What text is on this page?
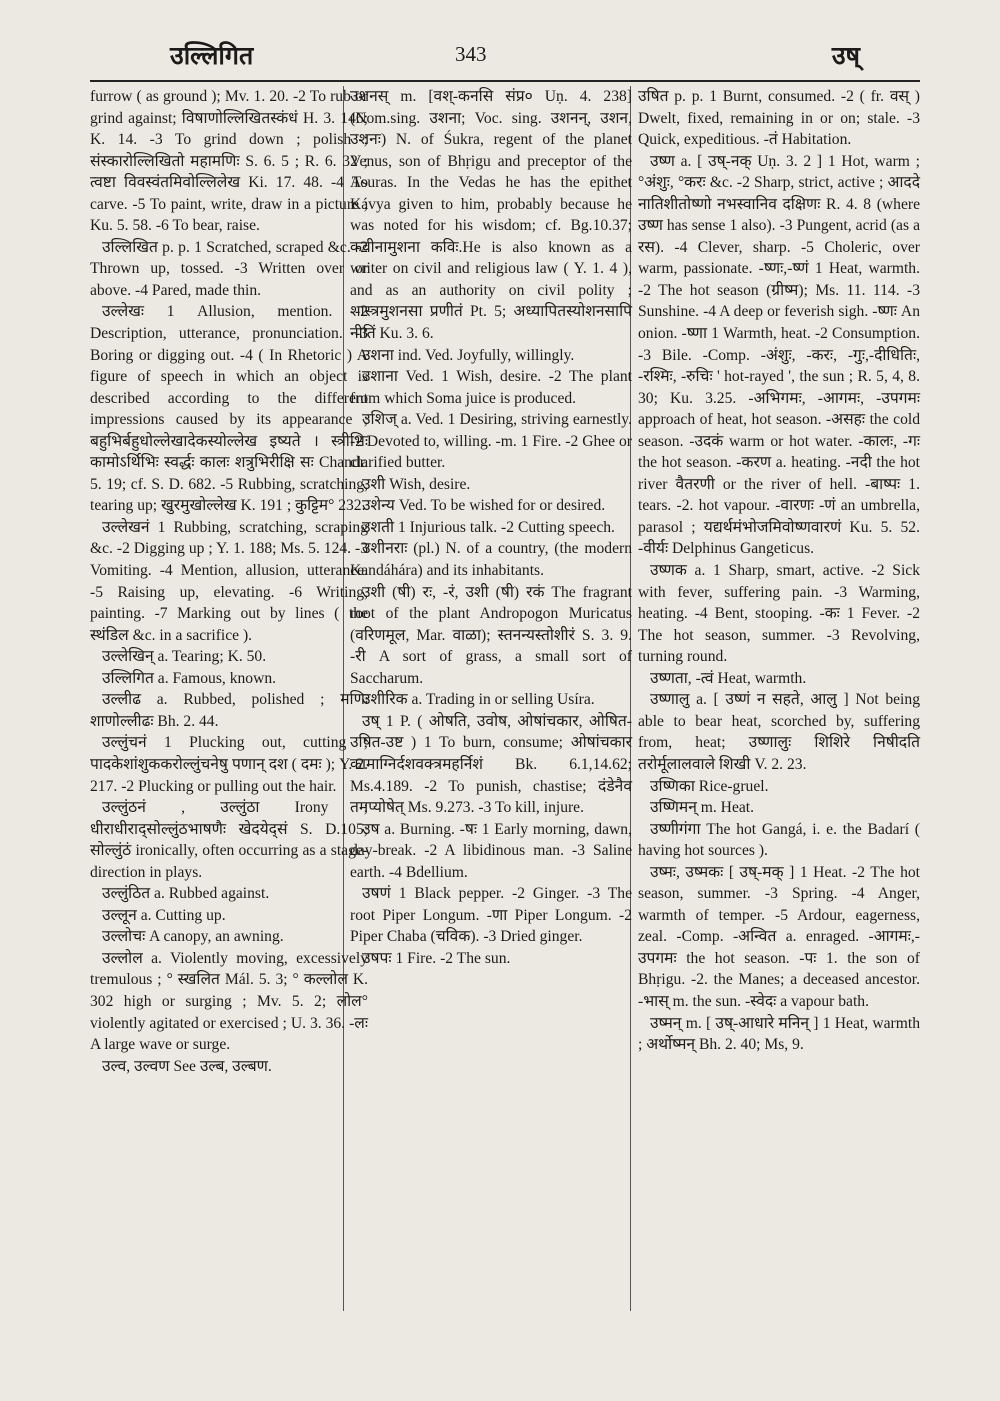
उल्लिगित	343	उष्

furrow ( as ground ); Mv. 1. 20. -2 To rub or grind against; विषाणोल्लिखितस्कंधं H. 3. 146; K. 14. -3 To grind down ; polish ; संस्कारोल्लिखितो महामणिः S. 6. 5 ; R. 6. 32 ; त्वष्टा विवस्वंतमिवोल्लिलेख Ki. 17. 48. -4 To carve. -5 To paint, write, draw in a picture ; Ku. 5. 58. -6 To bear, raise.

उल्लिखित p. p. 1 Scratched, scraped &c. -2 Thrown up, tossed. -3 Written over or above. -4 Pared, made thin.

उल्लेखः 1 Allusion, mention. -2 Description, utterance, pronunciation. -3 Boring or digging out. -4 ( In Rhetoric ) A figure of speech in which an object is described according to the different impressions caused by its appearance ; बहुभिर्बहुधोल्लेखादेकस्योल्लेख इष्यते । स्त्रीभिः कामोऽर्थिभिः स्वर्द्धः कालः शत्रुभिरीक्षि सः Chandr. 5. 19; cf. S. D. 682. -5 Rubbing, scratching, tearing up; खुरमुखोल्लेख K. 191 ; कुट्टिम° 232.

उल्लेखनं 1 Rubbing, scratching, scraping &c. -2 Digging up ; Y. 1. 188; Ms. 5. 124. -3 Vomiting. -4 Mention, allusion, utterance. -5 Raising up, elevating. -6 Writing, painting. -7 Marking out by lines ( the स्थंडिल &c. in a sacrifice ).

उल्लेखिन् a. Tearing; K. 50.

उल्लिगित a. Famous, known.

उल्लीढ a. Rubbed, polished ; मणिः शाणोल्लीढः Bh. 2. 44.

उल्लुंचनं 1 Plucking out, cutting ; पादकेशांशुककरोल्लुंचनेषु पणान् दश ( दमः ); Y. 2. 217. -2 Plucking or pulling out the hair.

उल्लुंठनं , उल्लुंठा Irony ; धीराधीराद्सोल्लुंठभाषणैः खेदयेद्सं S. D.105; सोल्लुंठं ironically, often occurring as a stage-direction in plays.

उल्लुंठित a. Rubbed against.

उल्लून a. Cutting up.

उल्लोचः A canopy, an awning.

उल्लोल a. Violently moving, excessively tremulous ; ° स्खलित Mál. 5. 3; ° कल्लोल K. 302 high or surging ; Mv. 5. 2; लोल° violently agitated or exercised ; U. 3. 36. -लः A large wave or surge.

उल्व, उल्वण See उल्ब, उल्बण.

उशनस् m. [वश्-कनसि संप्र० Uṇ. 4. 238](Nom.sing. उशना; Voc. sing. उशनन्, उशन, उशनः) N. of Śukra, regent of the planet Venus, son of Bhṛigu and preceptor of the Asuras. In the Vedas he has the epithet Kávya given to him, probably because he was noted for his wisdom; cf. Bg.10.37; कवीनामुशना कविः.He is also known as a writer on civil and religious law ( Y. 1. 4 ), and as an authority on civil polity ; शास्त्रमुशनसा प्रणीतं Pt. 5; अध्यापितस्योशनसापि नीतिं Ku. 3. 6.

उशना ind. Ved. Joyfully, willingly.

उशाना Ved. 1 Wish, desire. -2 The plant from which Soma juice is produced.

उशिज् a. Ved. 1 Desiring, striving earnestly. -2 Devoted to, willing. -m. 1 Fire. -2 Ghee or clarified butter.

उशी Wish, desire.

उशेन्य Ved. To be wished for or desired.

उशती 1 Injurious talk. -2 Cutting speech.

उशीनराः (pl.) N. of a country, (the modern Kandáhára) and its inhabitants.

उशी (षी) रः, -रं, उशी (षी) रकं The fragrant root of the plant Andropogon Muricatus (वरिणमूल, Mar. वाळा); स्तनन्यस्तोशीरं S. 3. 9. -री A sort of grass, a small sort of Saccharum.

उशीरिक a. Trading in or selling Usíra.

उष् 1 P. ( ओषति, उवोष, ओषांचकार, ओषित-उषित-उष्ट ) 1 To burn, consume; ओषांचकार कामाग्निर्दशवक्त्रमहर्निशं Bk. 6.1,14.62; Ms.4.189. -2 To punish, chastise; दंडेनैव तमप्योषेत् Ms. 9.273. -3 To kill, injure.

उष a. Burning. -षः 1 Early morning, dawn, day-break. -2 A libidinous man. -3 Saline earth. -4 Bdellium.

उषणं 1 Black pepper. -2 Ginger. -3 The root Piper Longum. -णा Piper Longum. -2 Piper Chaba (चविक). -3 Dried ginger.

उषपः 1 Fire. -2 The sun.

उषित p. p. 1 Burnt, consumed. -2 ( fr. वस् ) Dwelt, fixed, remaining in or on; stale. -3 Quick, expeditious. -तं Habitation.

उष्ण a. [ उष्-नक् Uṇ. 3. 2 ] 1 Hot, warm ; °अंशुः, °करः &c. -2 Sharp, strict, active ; आददे नातिशीतोष्णो नभस्वानिव दक्षिणः R. 4. 8 (where उष्ण has sense 1 also). -3 Pungent, acrid (as a रस). -4 Clever, sharp. -5 Choleric, over warm, passionate. -ष्णः,-ष्णं 1 Heat, warmth. -2 The hot season (ग्रीष्म); Ms. 11. 114. -3 Sunshine. -4 A deep or feverish sigh. -ष्णः An onion. -ष्णा 1 Warmth, heat. -2 Consumption. -3 Bile. -Comp. -अंशुः, -करः, -गुः,-दीधितिः, -रश्मिः, -रुचिः ' hot-rayed ', the sun ; R. 5, 4, 8. 30; Ku. 3.25. -अभिगमः, -आगमः, -उपगमः approach of heat, hot season. -असहः the cold season. -उदकं warm or hot water. -कालः, -गः the hot season. -करण a. heating. -नदी the hot river वैतरणी or the river of hell. -बाष्पः 1. tears. -2. hot vapour. -वारणः -णं an umbrella, parasol ; यद्यर्थमंभोजमिवोष्णवारणं Ku. 5. 52. -वीर्यः Delphinus Gangeticus.

उष्णक a. 1 Sharp, smart, active. -2 Sick with fever, suffering pain. -3 Warming, heating. -4 Bent, stooping. -कः 1 Fever. -2 The hot season, summer. -3 Revolving, turning round.

उष्णता, -त्वं Heat, warmth.

उष्णालु a. [ उष्णं न सहते, आलु ] Not being able to bear heat, scorched by, suffering from, heat; उष्णालुः शिशिरे निषीदति तरोर्मूलालवाले शिखी V. 2. 23.

उष्णिका Rice-gruel.

उष्णिमन् m. Heat.

उष्णीगंगा The hot Gangá, i. e. the Badarí ( having hot sources ).

उष्मः, उष्मकः [ उष्-मक् ] 1 Heat. -2 The hot season, summer. -3 Spring. -4 Anger, warmth of temper. -5 Ardour, eagerness, zeal. -Comp. -अन्वित a. enraged. -आगमः,-उपगमः the hot season. -पः 1. the son of Bhṛigu. -2. the Manes; a deceased ancestor. -भास् m. the sun. -स्वेदः a vapour bath.

उष्मन् m. [ उष्-आधारे मनिन् ] 1 Heat, warmth ; अर्थोष्मन् Bh. 2. 40; Ms, 9.
